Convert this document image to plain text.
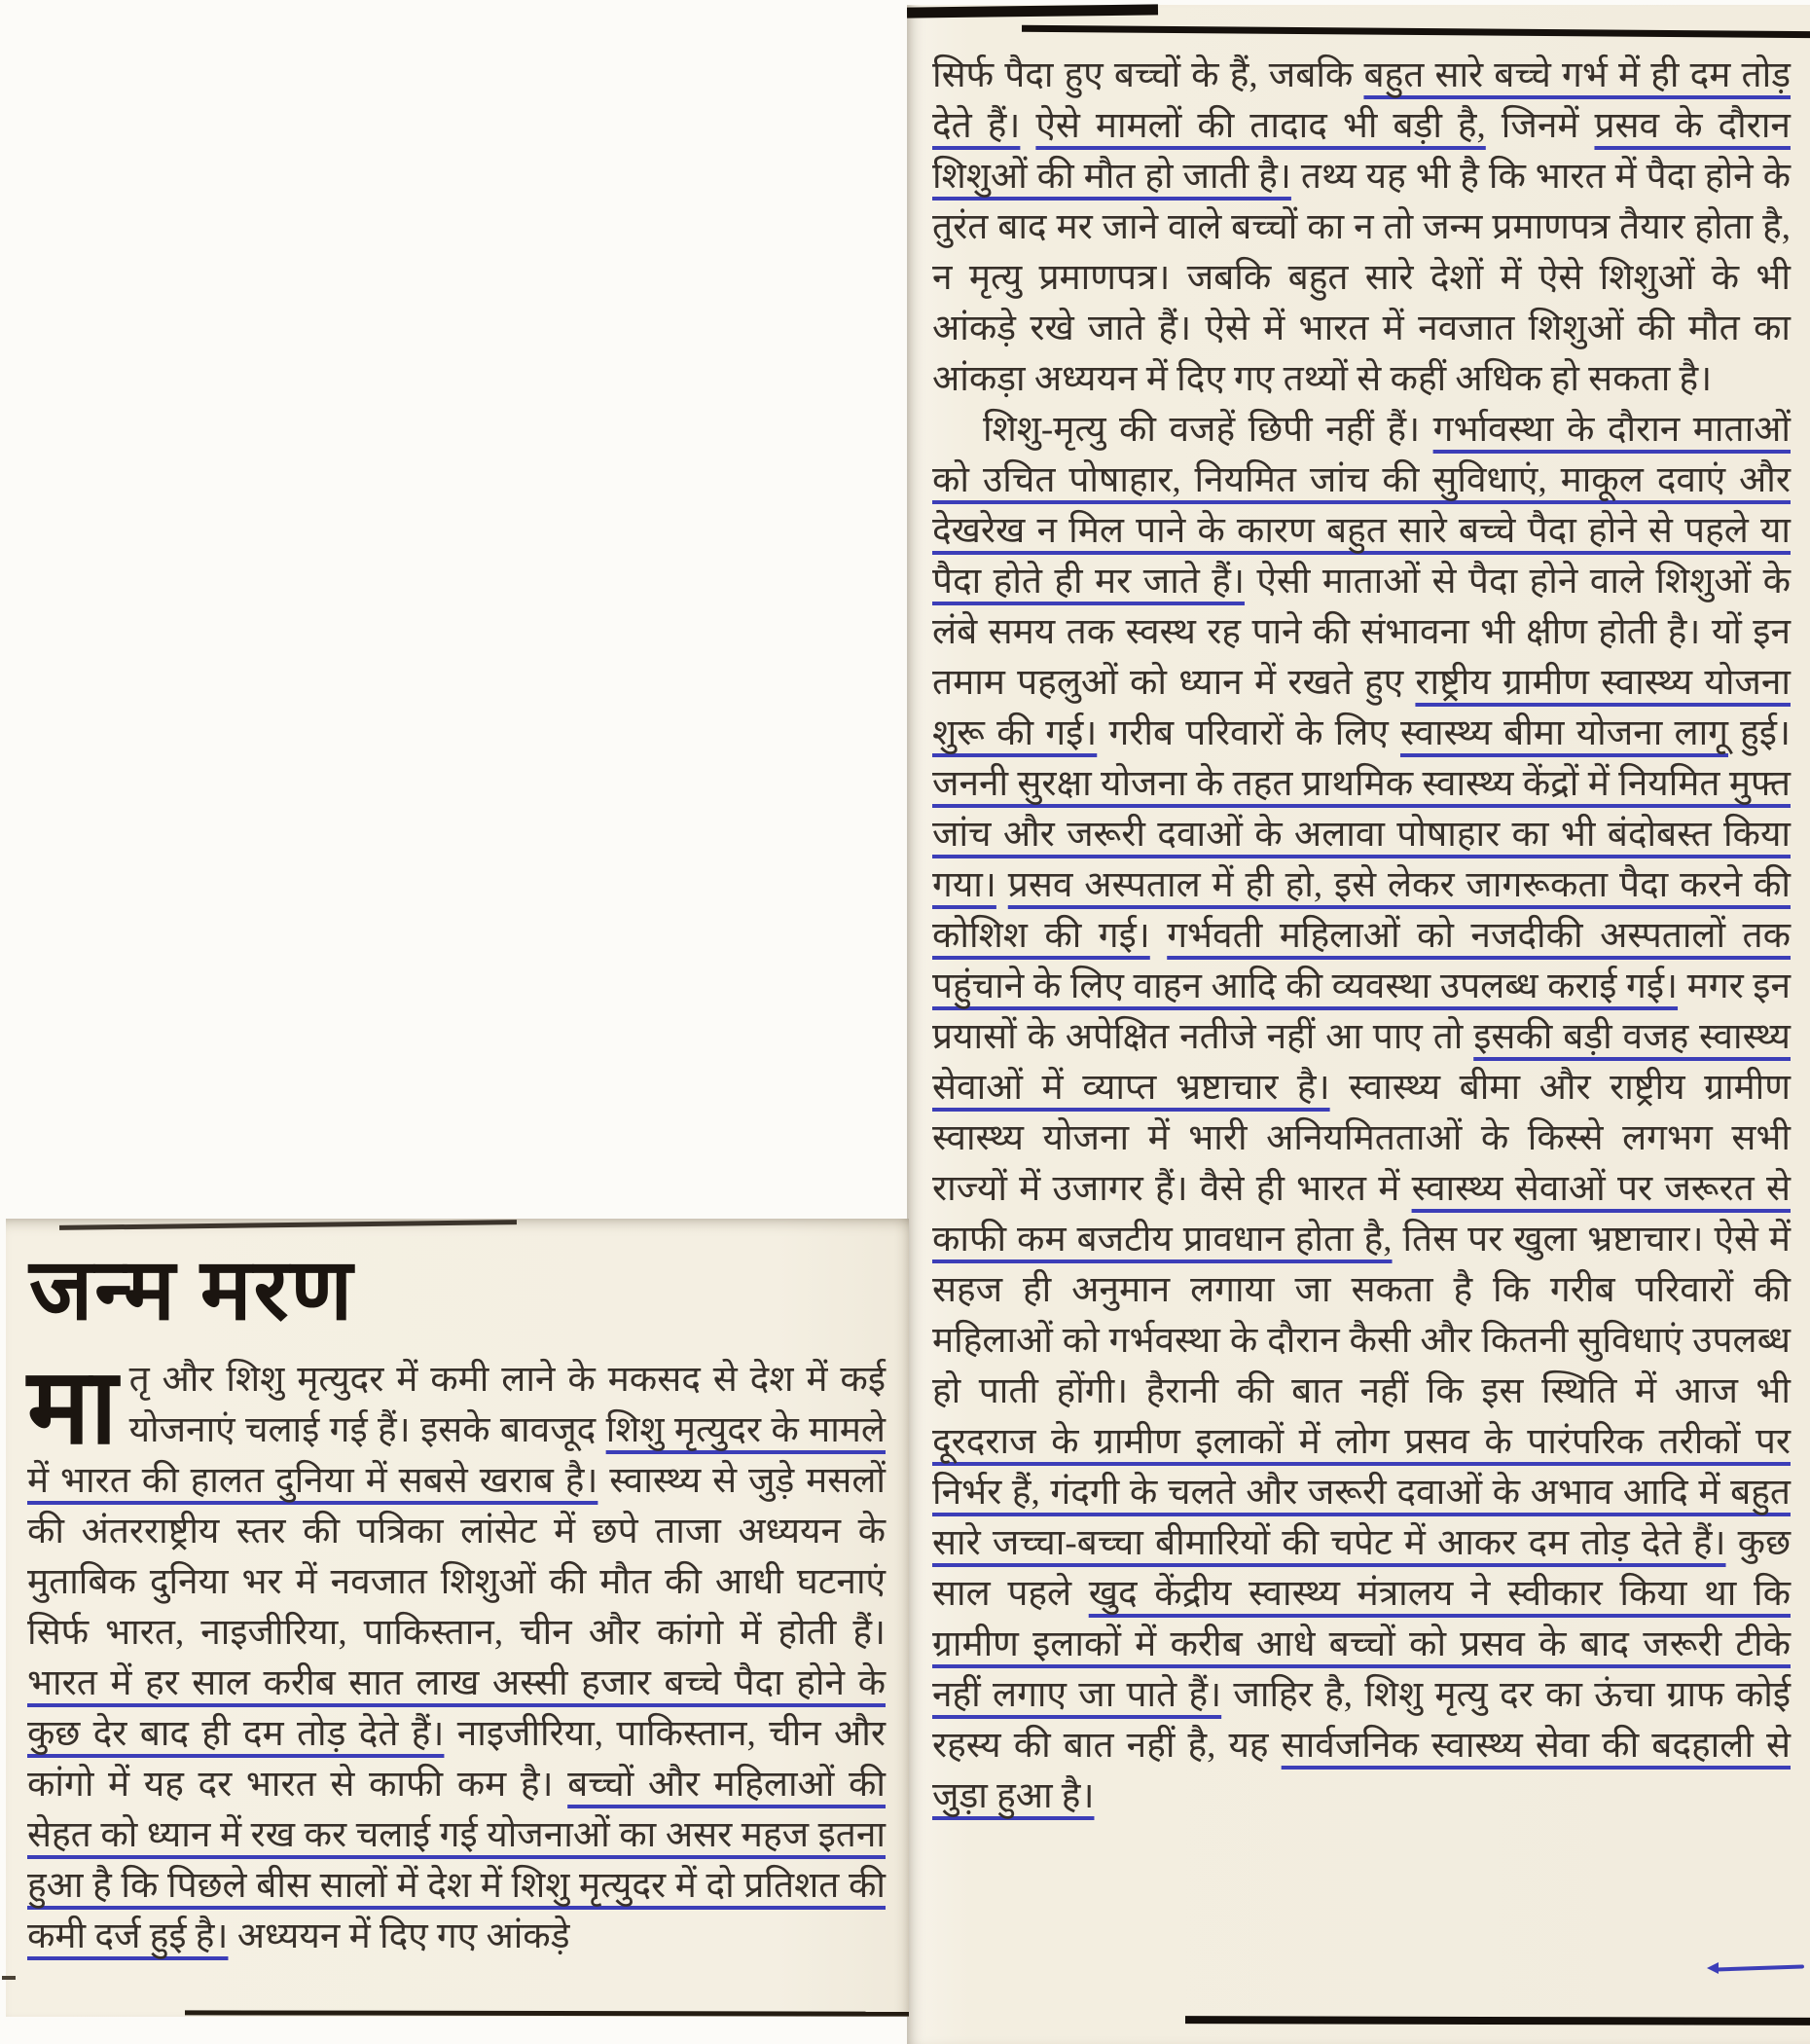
सिर्फ पैदा हुए बच्चों के हैं, जबकि बहुत सारे बच्चे गर्भ में ही दम तोड़ देते हैं। ऐसे मामलों की तादाद भी बड़ी है, जिनमें प्रसव के दौरान शिशुओं की मौत हो जाती है। तथ्य यह भी है कि भारत में पैदा होने के तुरंत बाद मर जाने वाले बच्चों का न तो जन्म प्रमाणपत्र तैयार होता है, न मृत्यु प्रमाणपत्र। जबकि बहुत सारे देशों में ऐसे शिशुओं के भी आंकड़े रखे जाते हैं। ऐसे में भारत में नवजात शिशुओं की मौत का आंकड़ा अध्ययन में दिए गए तथ्यों से कहीं अधिक हो सकता है।

शिशु-मृत्यु की वजहें छिपी नहीं हैं। गर्भावस्था के दौरान माताओं को उचित पोषाहार, नियमित जांच की सुविधाएं, माकूल दवाएं और देखरेख न मिल पाने के कारण बहुत सारे बच्चे पैदा होने से पहले या पैदा होते ही मर जाते हैं। ऐसी माताओं से पैदा होने वाले शिशुओं के लंबे समय तक स्वस्थ रह पाने की संभावना भी क्षीण होती है। यों इन तमाम पहलुओं को ध्यान में रखते हुए राष्ट्रीय ग्रामीण स्वास्थ्य योजना शुरू की गई। गरीब परिवारों के लिए स्वास्थ्य बीमा योजना लागू हुई। जननी सुरक्षा योजना के तहत प्राथमिक स्वास्थ्य केंद्रों में नियमित मुफ्त जांच और जरूरी दवाओं के अलावा पोषाहार का भी बंदोबस्त किया गया। प्रसव अस्पताल में ही हो, इसे लेकर जागरूकता पैदा करने की कोशिश की गई। गर्भवती महिलाओं को नजदीकी अस्पतालों तक पहुंचाने के लिए वाहन आदि की व्यवस्था उपलब्ध कराई गई। मगर इन प्रयासों के अपेक्षित नतीजे नहीं आ पाए तो इसकी बड़ी वजह स्वास्थ्य सेवाओं में व्याप्त भ्रष्टाचार है। स्वास्थ्य बीमा और राष्ट्रीय ग्रामीण स्वास्थ्य योजना में भारी अनियमितताओं के किस्से लगभग सभी राज्यों में उजागर हैं। वैसे ही भारत में स्वास्थ्य सेवाओं पर जरूरत से काफी कम बजटीय प्रावधान होता है, तिस पर खुला भ्रष्टाचार। ऐसे में सहज ही अनुमान लगाया जा सकता है कि गरीब परिवारों की महिलाओं को गर्भवस्था के दौरान कैसी और कितनी सुविधाएं उपलब्ध हो पाती होंगी। हैरानी की बात नहीं कि इस स्थिति में आज भी दूरदराज के ग्रामीण इलाकों में लोग प्रसव के पारंपरिक तरीकों पर निर्भर हैं, गंदगी के चलते और जरूरी दवाओं के अभाव आदि में बहुत सारे जच्चा-बच्चा बीमारियों की चपेट में आकर दम तोड़ देते हैं। कुछ साल पहले खुद केंद्रीय स्वास्थ्य मंत्रालय ने स्वीकार किया था कि ग्रामीण इलाकों में करीब आधे बच्चों को प्रसव के बाद जरूरी टीके नहीं लगाए जा पाते हैं। जाहिर है, शिशु मृत्यु दर का ऊंचा ग्राफ कोई रहस्य की बात नहीं है, यह सार्वजनिक स्वास्थ्य सेवा की बदहाली से जुड़ा हुआ है।

जन्म मरण

मातृ और शिशु मृत्युदर में कमी लाने के मकसद से देश में कई योजनाएं चलाई गई हैं। इसके बावजूद शिशु मृत्युदर के मामले में भारत की हालत दुनिया में सबसे खराब है। स्वास्थ्य से जुड़े मसलों की अंतरराष्ट्रीय स्तर की पत्रिका लांसेट में छपे ताजा अध्ययन के मुताबिक दुनिया भर में नवजात शिशुओं की मौत की आधी घटनाएं सिर्फ भारत, नाइजीरिया, पाकिस्तान, चीन और कांगो में होती हैं। भारत में हर साल करीब सात लाख अस्सी हजार बच्चे पैदा होने के कुछ देर बाद ही दम तोड़ देते हैं। नाइजीरिया, पाकिस्तान, चीन और कांगो में यह दर भारत से काफी कम है। बच्चों और महिलाओं की सेहत को ध्यान में रख कर चलाई गई योजनाओं का असर महज इतना हुआ है कि पिछले बीस सालों में देश में शिशु मृत्युदर में दो प्रतिशत की कमी दर्ज हुई है। अध्ययन में दिए गए आंकड़े
